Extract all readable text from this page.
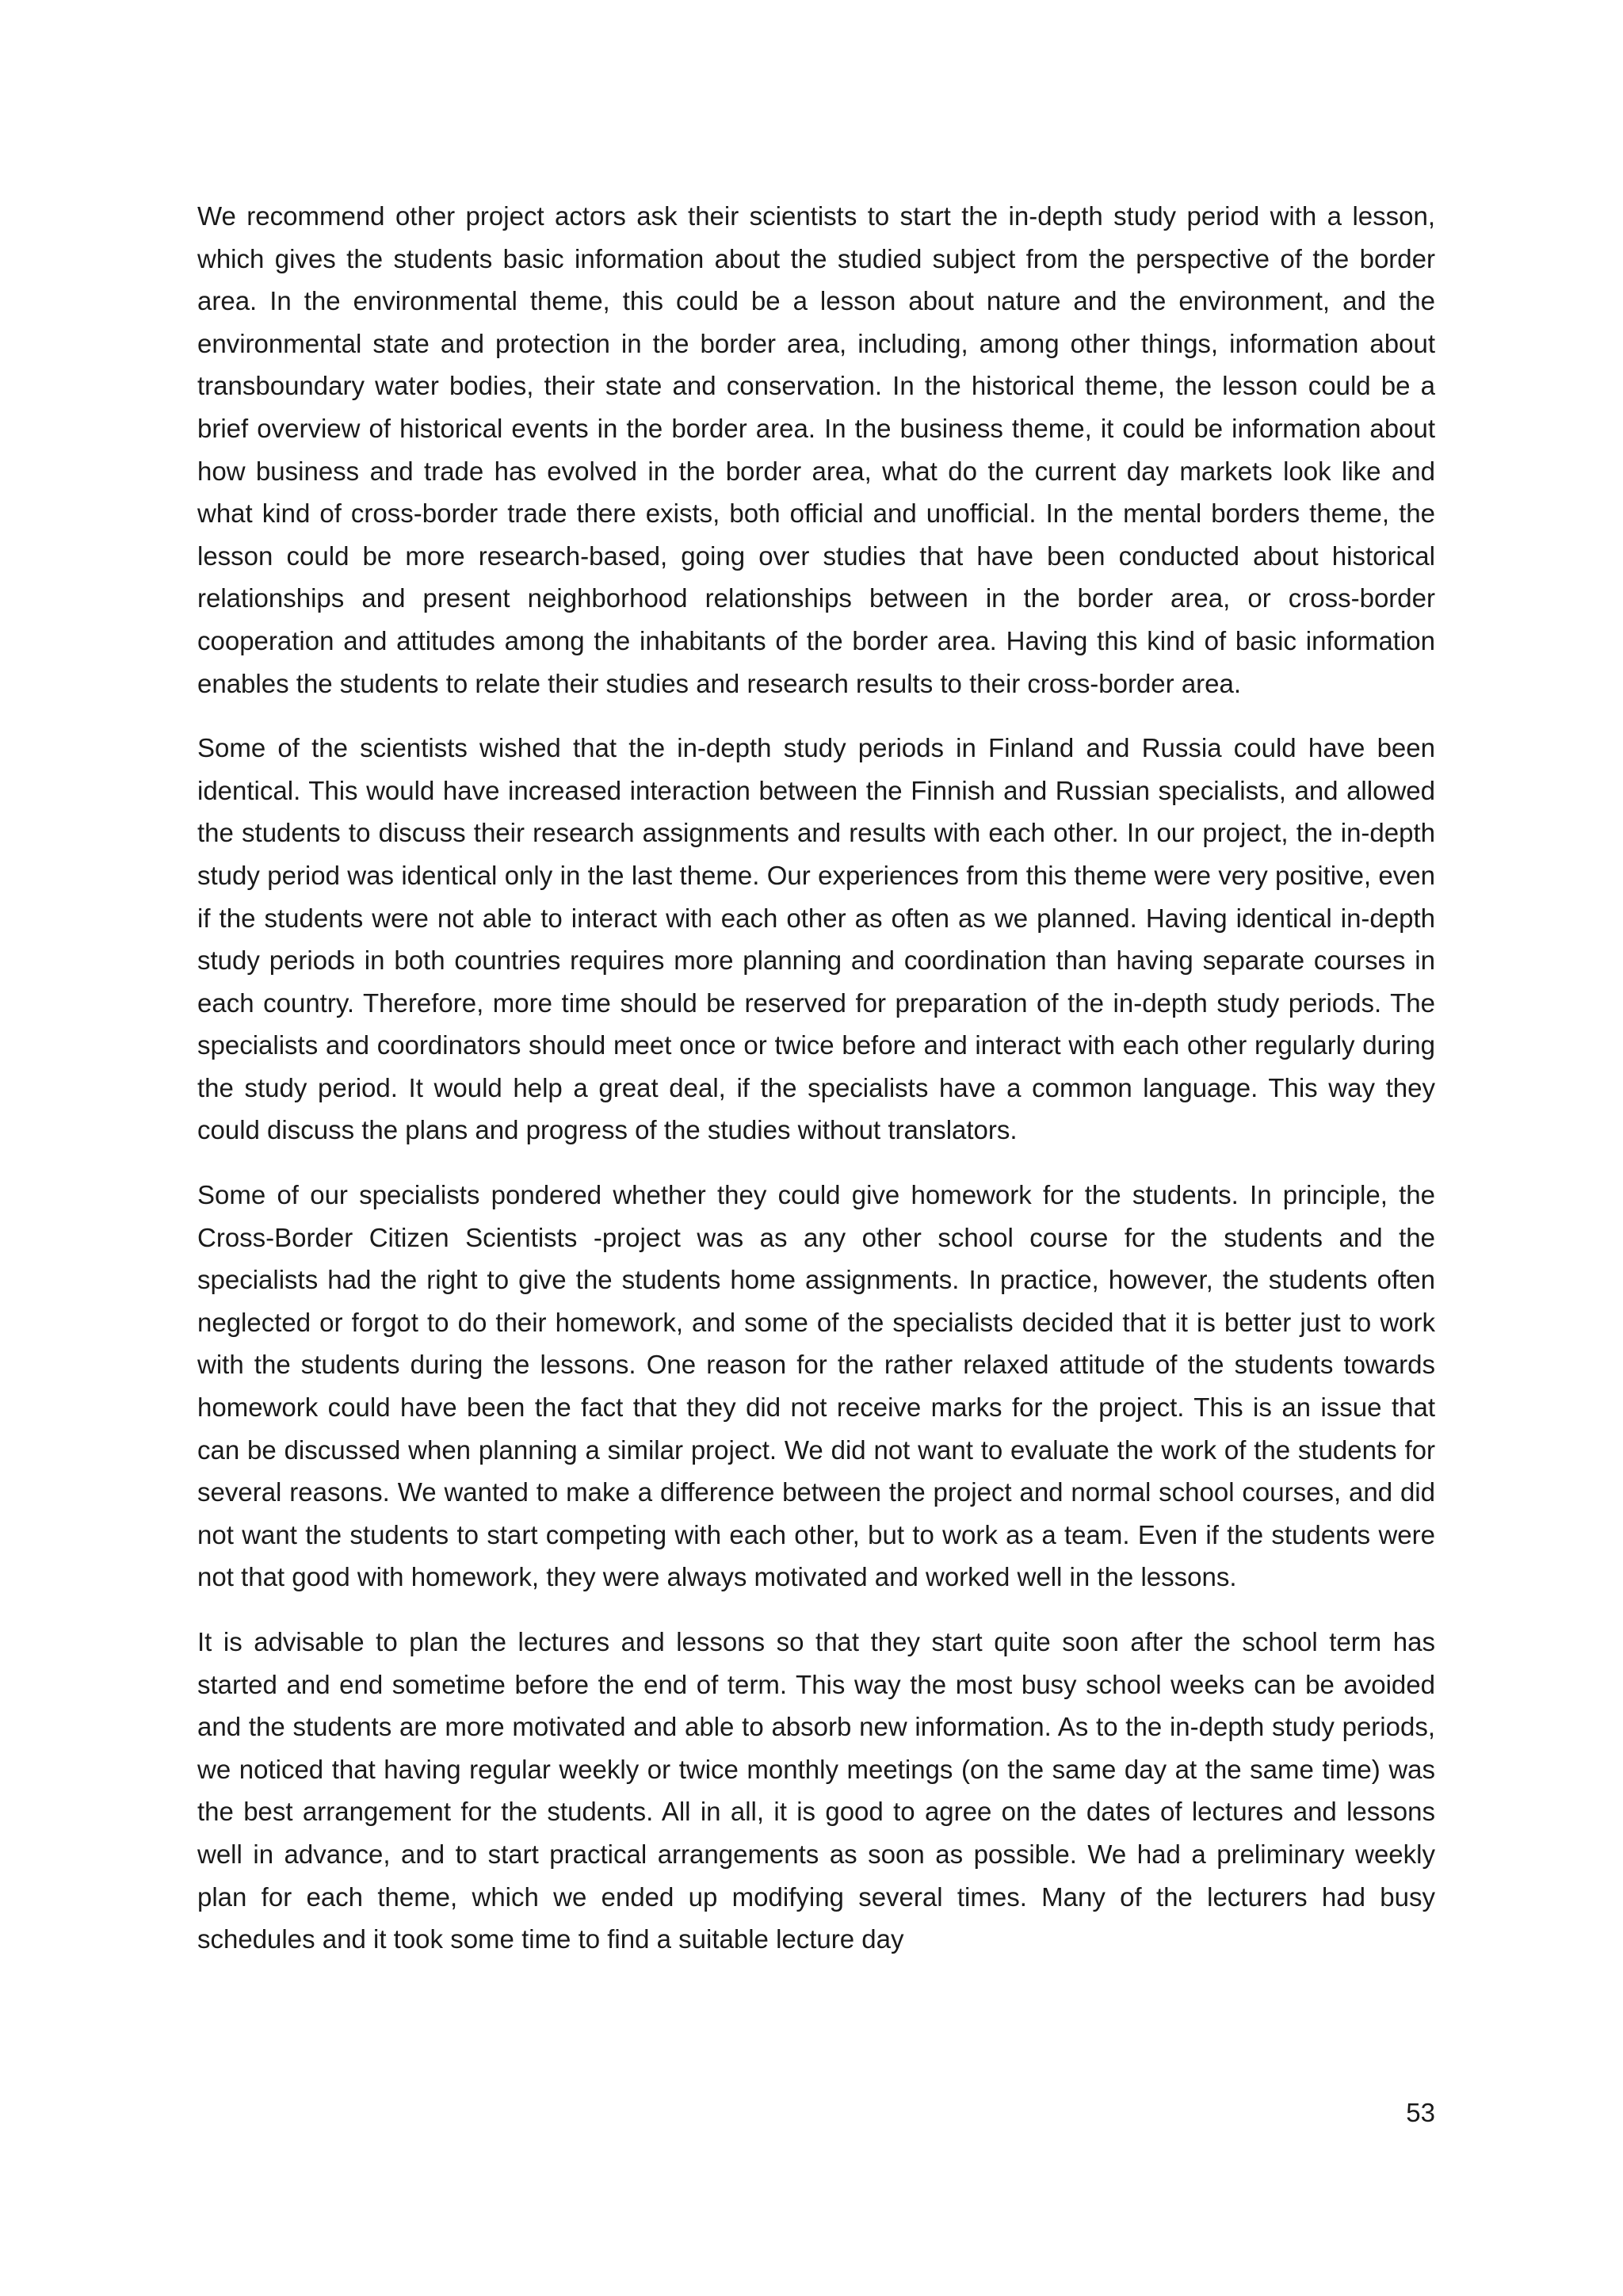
We recommend other project actors ask their scientists to start the in-depth study period with a lesson, which gives the students basic information about the studied subject from the perspective of the border area. In the environmental theme, this could be a lesson about nature and the environment, and the environmental state and protection in the border area, including, among other things, information about transboundary water bodies, their state and conservation. In the historical theme, the lesson could be a brief overview of historical events in the border area. In the business theme, it could be information about how business and trade has evolved in the border area, what do the current day markets look like and what kind of cross-border trade there exists, both official and unofficial. In the mental borders theme, the lesson could be more research-based, going over studies that have been conducted about historical relationships and present neighborhood relationships between in the border area, or cross-border cooperation and attitudes among the inhabitants of the border area. Having this kind of basic information enables the students to relate their studies and research results to their cross-border area.

Some of the scientists wished that the in-depth study periods in Finland and Russia could have been identical. This would have increased interaction between the Finnish and Russian specialists, and allowed the students to discuss their research assignments and results with each other. In our project, the in-depth study period was identical only in the last theme. Our experiences from this theme were very positive, even if the students were not able to interact with each other as often as we planned. Having identical in-depth study periods in both countries requires more planning and coordination than having separate courses in each country. Therefore, more time should be reserved for preparation of the in-depth study periods. The specialists and coordinators should meet once or twice before and interact with each other regularly during the study period. It would help a great deal, if the specialists have a common language. This way they could discuss the plans and progress of the studies without translators.

Some of our specialists pondered whether they could give homework for the students. In principle, the Cross-Border Citizen Scientists -project was as any other school course for the students and the specialists had the right to give the students home assignments. In practice, however, the students often neglected or forgot to do their homework, and some of the specialists decided that it is better just to work with the students during the lessons. One reason for the rather relaxed attitude of the students towards homework could have been the fact that they did not receive marks for the project. This is an issue that can be discussed when planning a similar project. We did not want to evaluate the work of the students for several reasons. We wanted to make a difference between the project and normal school courses, and did not want the students to start competing with each other, but to work as a team. Even if the students were not that good with homework, they were always motivated and worked well in the lessons.

It is advisable to plan the lectures and lessons so that they start quite soon after the school term has started and end sometime before the end of term. This way the most busy school weeks can be avoided and the students are more motivated and able to absorb new information. As to the in-depth study periods, we noticed that having regular weekly or twice monthly meetings (on the same day at the same time) was the best arrangement for the students. All in all, it is good to agree on the dates of lectures and lessons well in advance, and to start practical arrangements as soon as possible. We had a preliminary weekly plan for each theme, which we ended up modifying several times. Many of the lecturers had busy schedules and it took some time to find a suitable lecture day

53
